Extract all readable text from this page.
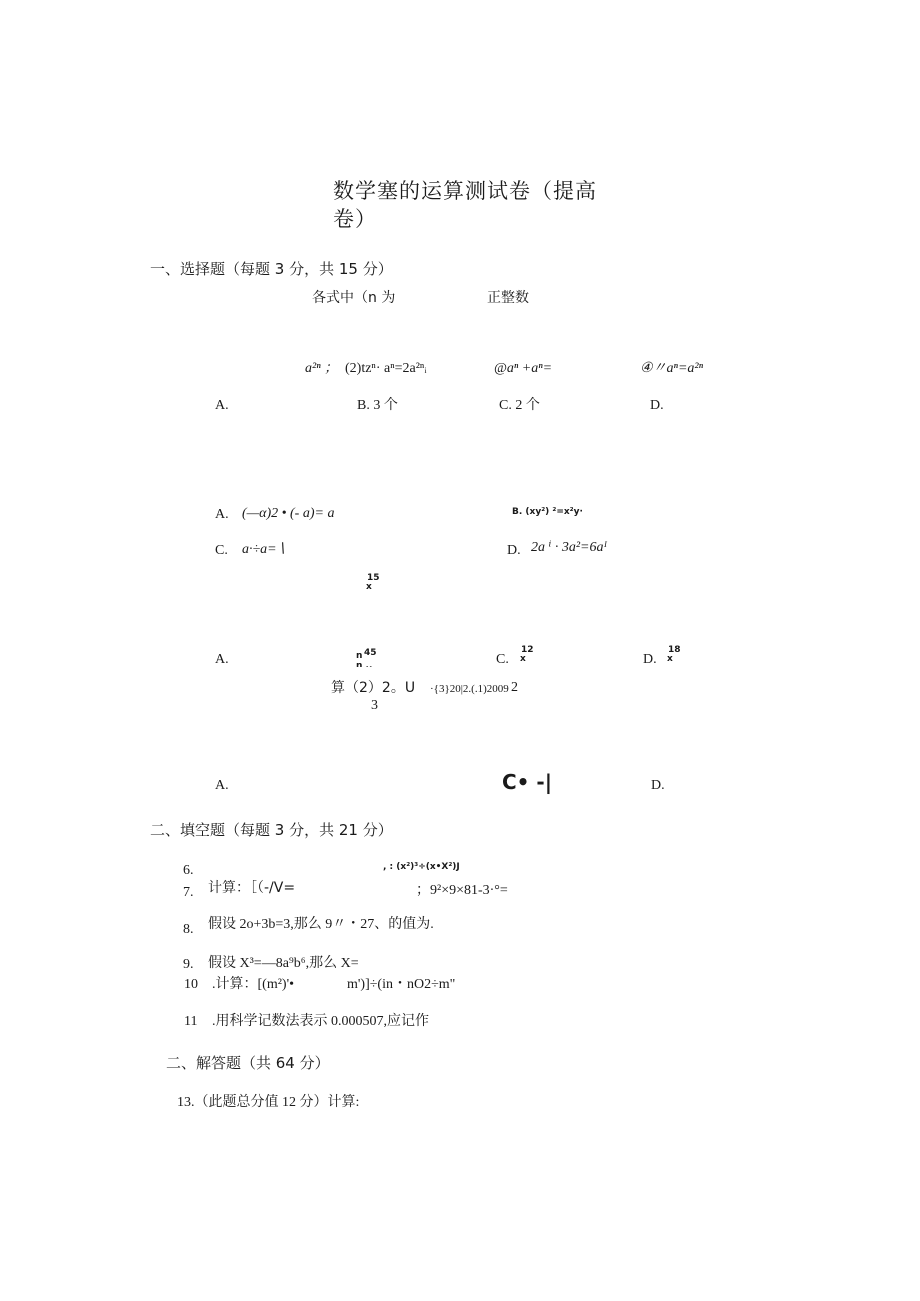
数学塞的运算测试卷（提高
卷）
一、选择题（每题 3 分，共 15 分）
各式中（n 为	正整数
a²ⁿ ； (2)tzⁿ· aⁿ=2a²ⁿᵢ	@aⁿ +aⁿ=	④〃aⁿ=a²ⁿ
A.	B. 3 个	C. 2 个	D.
A. (—α)2 • (- a)= a	B. (xy²) ²=x²y·
C. a·÷a=∖	D. 2a ⁱ · 3a²=6aᴵ
15
x
A.	n 45
n ..	C.
12
x	D.
18
x
算（2）2。U ·{3}20|2.(.1)2009 2
3
A.	C• -|	D.
二、填空题（每题 3 分，共 21 分）
6.	, : (x²)³÷(x•X²)J
7. 计算：［（-/V=	；9²×9×81-3·°=
8. 假设 2o+3b=3,那么 9〃・27、的值为.
9. 假设 X³=—8a⁹b⁶,那么 X=
10 .计算：[(m²)'•	m')]÷(in・nO2÷m"
11 .用科学记数法表示 0.000507,应记作
二、解答题（共 64 分）
13.（此题总分值 12 分）计算:
